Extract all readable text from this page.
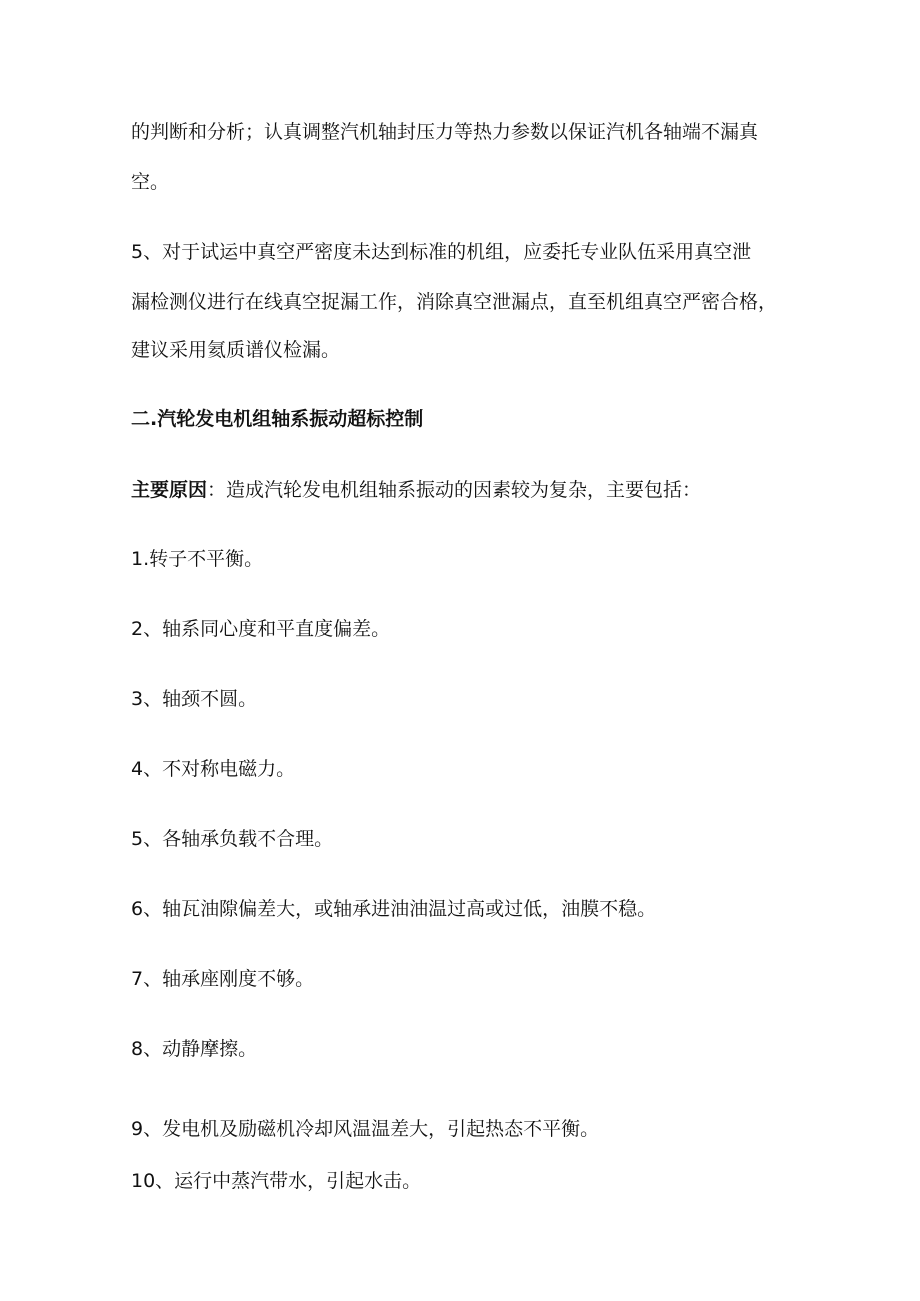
的判断和分析；认真调整汽机轴封压力等热力参数以保证汽机各轴端不漏真

空。

5、对于试运中真空严密度未达到标准的机组，应委托专业队伍采用真空泄

漏检测仪进行在线真空捉漏工作，消除真空泄漏点，直至机组真空严密合格，

建议采用氦质谱仪检漏。

二.汽轮发电机组轴系振动超标控制

主要原因：造成汽轮发电机组轴系振动的因素较为复杂，主要包括：

1.转子不平衡。

2、轴系同心度和平直度偏差。

3、轴颈不圆。

4、不对称电磁力。

5、各轴承负载不合理。

6、轴瓦油隙偏差大，或轴承进油油温过高或过低，油膜不稳。

7、轴承座刚度不够。

8、动静摩擦。

9、发电机及励磁机冷却风温温差大，引起热态不平衡。

10、运行中蒸汽带水，引起水击。
